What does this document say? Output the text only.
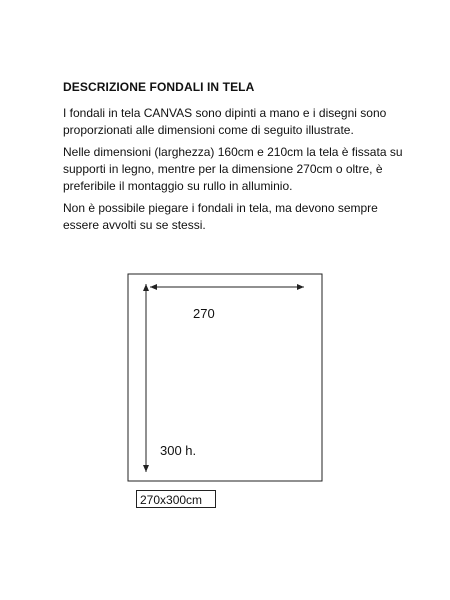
DESCRIZIONE FONDALI IN TELA

I fondali in tela CANVAS sono dipinti a mano e i disegni sono proporzionati alle dimensioni come di seguito illustrate.

Nelle dimensioni (larghezza) 160cm e 210cm la tela è fissata su supporti in legno, mentre per la dimensione 270cm o oltre, è preferibile il montaggio su rullo in alluminio.

Non è possibile piegare i fondali in tela, ma devono sempre essere avvolti su se stessi.

270
300 h.
270x300cm
